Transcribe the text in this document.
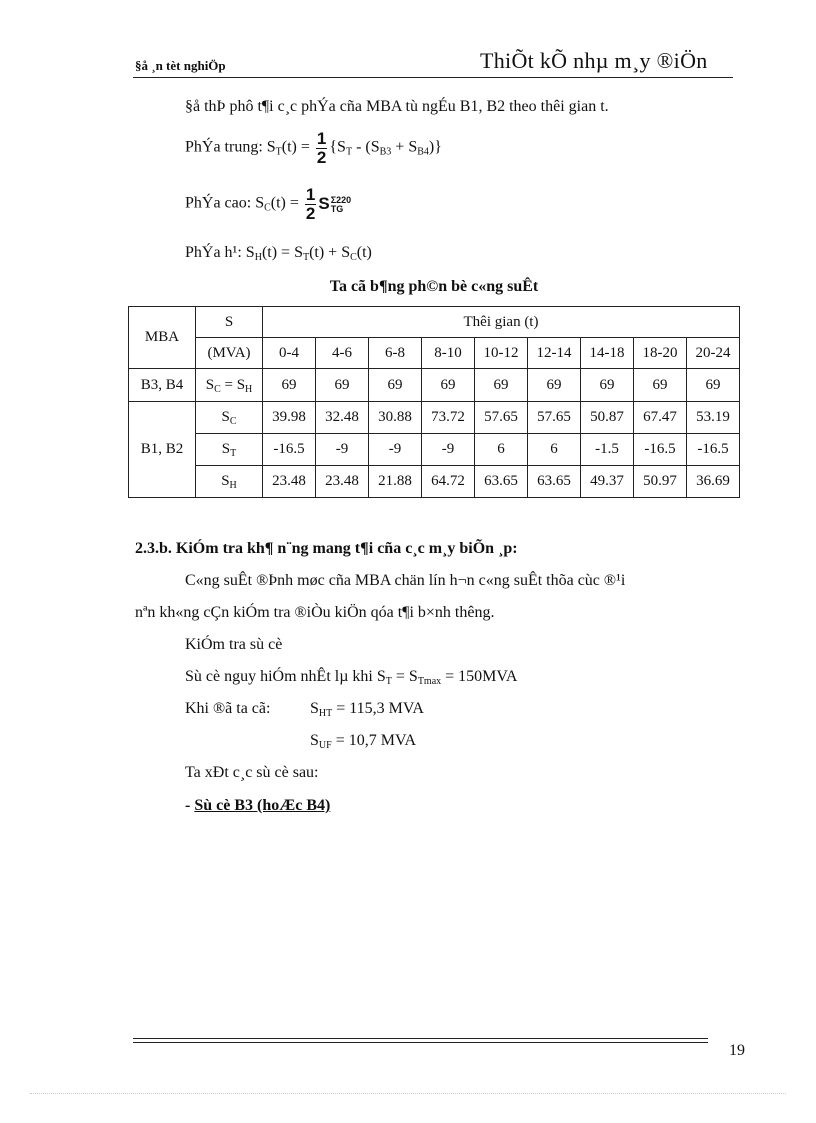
§å ¸n tèt nghiÖp	ThiÕt kÕ nhµ m¸y ®iÖn
§å thÞ phô t¶i c¸c phÝa cña MBA tù ngÉu B1, B2 theo thêi gian t.
PhÝa trung: $S_T(t) = \frac{1}{2} \{S_T - (S_{B3} + S_{B4})\}$
PhÝa cao: $S_C(t) = \frac{1}{2}$ S Σ220
TG
PhÝa h¹: $S_H(t) = S_T(t) + S_C(t)$
Ta cã b¶ng ph©n bè c«ng suÊt
MBA	S	Thêi gian (t)								
	(MVA)	0-4	4-6	6-8	8-10	10-12	12-14	14-18	18-20	20-24
B3, B4	$S_C = S_H$	69	69	69	69	69	69	69	69	69
B1, B2	$S_C$	39.98	32.48	30.88	73.72	57.65	57.65	50.87	67.47	53.19
	$S_T$	-16.5	-9	-9	-9	6	6	-1.5	-16.5	-16.5
	$S_H$	23.48	23.48	21.88	64.72	63.65	63.65	49.37	50.97	36.69
2.3.b. KiÓm tra kh¶ n¨ng mang t¶i cña c¸c m¸y biÕn ¸p:
C«ng suÊt ®Þnh møc cña MBA chän lín h¬n c«ng suÊt thõa cùc ®¹i
nªn kh«ng cÇn kiÓm tra ®iÒu kiÖn qóa t¶i b×nh thêng.
KiÓm tra sù cè
Sù cè nguy hiÓm nhÊt lµ khi $S_T = S_{Tmax} = 150MVA$
Khi ®ã ta cã: $S_{HT} = 115,3$ MVA
$S_{UF} = 10,7$ MVA
Ta xÐt c¸c sù cè sau:
- Sù cè B3 (hoÆc B4)
19
